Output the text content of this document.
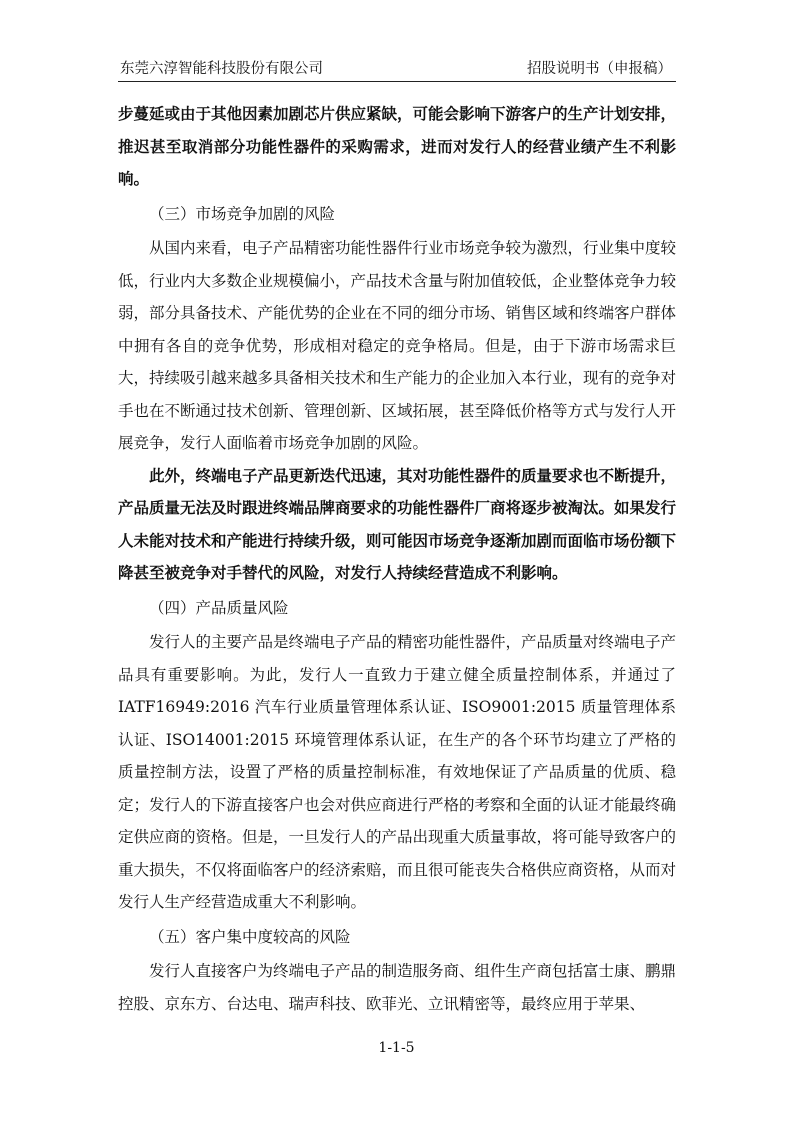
东莞六淳智能科技股份有限公司	招股说明书（申报稿）

步蔓延或由于其他因素加剧芯片供应紧缺，可能会影响下游客户的生产计划安排，推迟甚至取消部分功能性器件的采购需求，进而对发行人的经营业绩产生不利影响。

（三）市场竞争加剧的风险

从国内来看，电子产品精密功能性器件行业市场竞争较为激烈，行业集中度较低，行业内大多数企业规模偏小，产品技术含量与附加值较低，企业整体竞争力较弱，部分具备技术、产能优势的企业在不同的细分市场、销售区域和终端客户群体中拥有各自的竞争优势，形成相对稳定的竞争格局。但是，由于下游市场需求巨大，持续吸引越来越多具备相关技术和生产能力的企业加入本行业，现有的竞争对手也在不断通过技术创新、管理创新、区域拓展，甚至降低价格等方式与发行人开展竞争，发行人面临着市场竞争加剧的风险。

此外，终端电子产品更新迭代迅速，其对功能性器件的质量要求也不断提升，产品质量无法及时跟进终端品牌商要求的功能性器件厂商将逐步被淘汰。如果发行人未能对技术和产能进行持续升级，则可能因市场竞争逐渐加剧而面临市场份额下降甚至被竞争对手替代的风险，对发行人持续经营造成不利影响。

（四）产品质量风险

发行人的主要产品是终端电子产品的精密功能性器件，产品质量对终端电子产品具有重要影响。为此，发行人一直致力于建立健全质量控制体系，并通过了IATF16949:2016 汽车行业质量管理体系认证、ISO9001:2015 质量管理体系认证、ISO14001:2015 环境管理体系认证，在生产的各个环节均建立了严格的质量控制方法，设置了严格的质量控制标准，有效地保证了产品质量的优质、稳定；发行人的下游直接客户也会对供应商进行严格的考察和全面的认证才能最终确定供应商的资格。但是，一旦发行人的产品出现重大质量事故，将可能导致客户的重大损失，不仅将面临客户的经济索赔，而且很可能丧失合格供应商资格，从而对发行人生产经营造成重大不利影响。

（五）客户集中度较高的风险

发行人直接客户为终端电子产品的制造服务商、组件生产商包括富士康、鹏鼎控股、京东方、台达电、瑞声科技、欧菲光、立讯精密等，最终应用于苹果、

1-1-5
